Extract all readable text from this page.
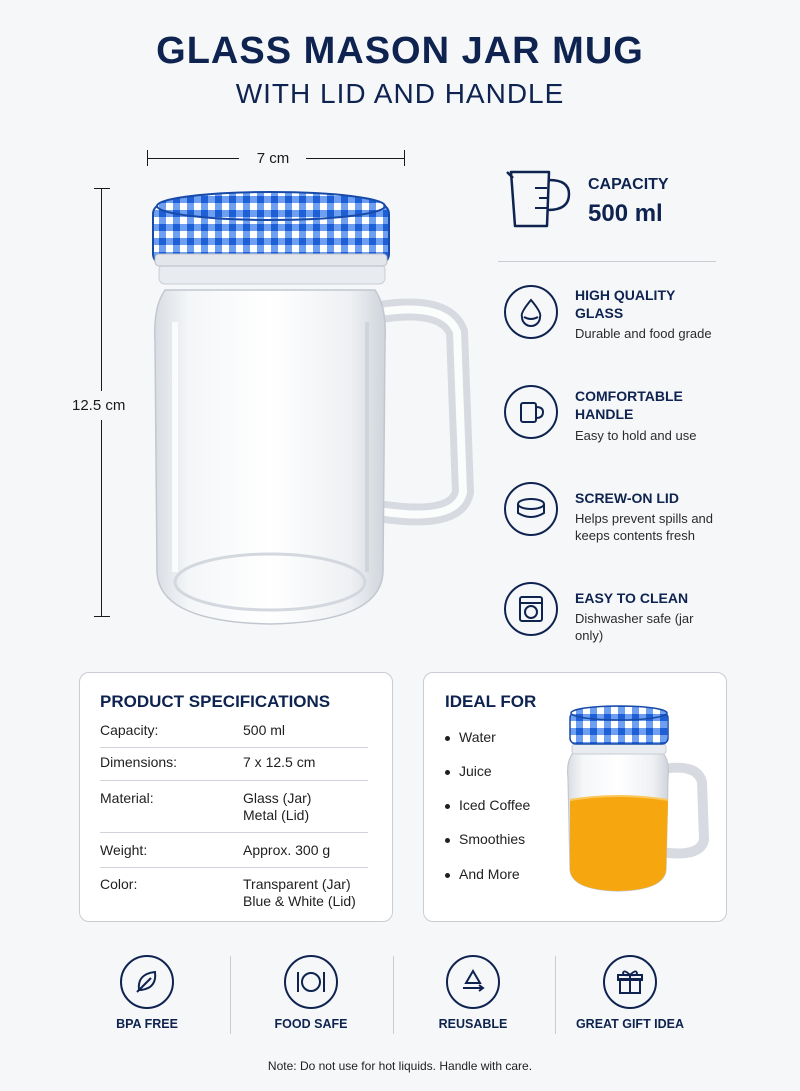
GLASS MASON JAR MUG
WITH LID AND HANDLE
7 cm
12.5 cm
CAPACITY
500 ml
HIGH QUALITY GLASS
Durable and food grade
COMFORTABLE HANDLE
Easy to hold and use
SCREW-ON LID
Helps prevent spills and keeps contents fresh
EASY TO CLEAN
Dishwasher safe (jar only)
PRODUCT SPECIFICATIONS
Capacity:	500 ml
Dimensions:	7 x 12.5 cm
Material:	Glass (Jar)
Metal (Lid)
Weight:	Approx. 300 g
Color:	Transparent (Jar)
Blue & White (Lid)
IDEAL FOR
Water
Juice
Iced Coffee
Smoothies
And More
BPA FREE	FOOD SAFE	REUSABLE	GREAT GIFT IDEA
Note: Do not use for hot liquids. Handle with care.
